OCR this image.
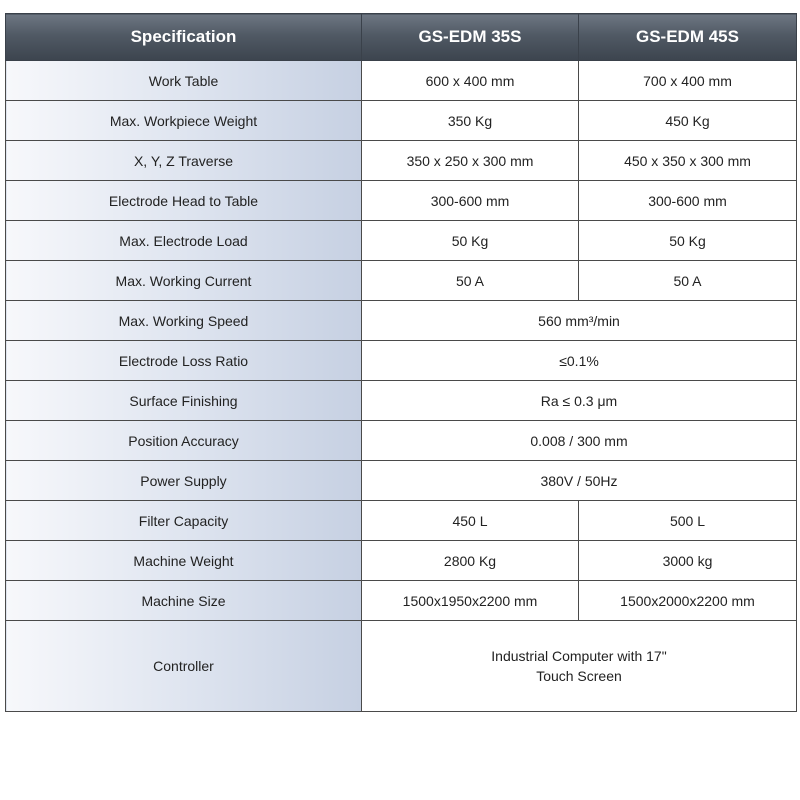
Specification	GS-EDM 35S	GS-EDM 45S
Work Table	600 x 400 mm	700 x 400 mm
Max. Workpiece Weight	350 Kg	450 Kg
X, Y, Z Traverse	350 x 250 x 300 mm	450 x 350 x 300 mm
Electrode Head to Table	300-600 mm	300-600 mm
Max. Electrode Load	50 Kg	50 Kg
Max. Working Current	50 A	50 A
Max. Working Speed	560 mm³/min	
Electrode Loss Ratio	≤0.1%	
Surface Finishing	Ra ≤ 0.3 μm	
Position Accuracy	0.008 / 300 mm	
Power Supply	380V / 50Hz	
Filter Capacity	450 L	500 L
Machine Weight	2800 Kg	3000 kg
Machine Size	1500x1950x2200 mm	1500x2000x2200 mm
Controller	Industrial Computer with 17"
Touch Screen	
